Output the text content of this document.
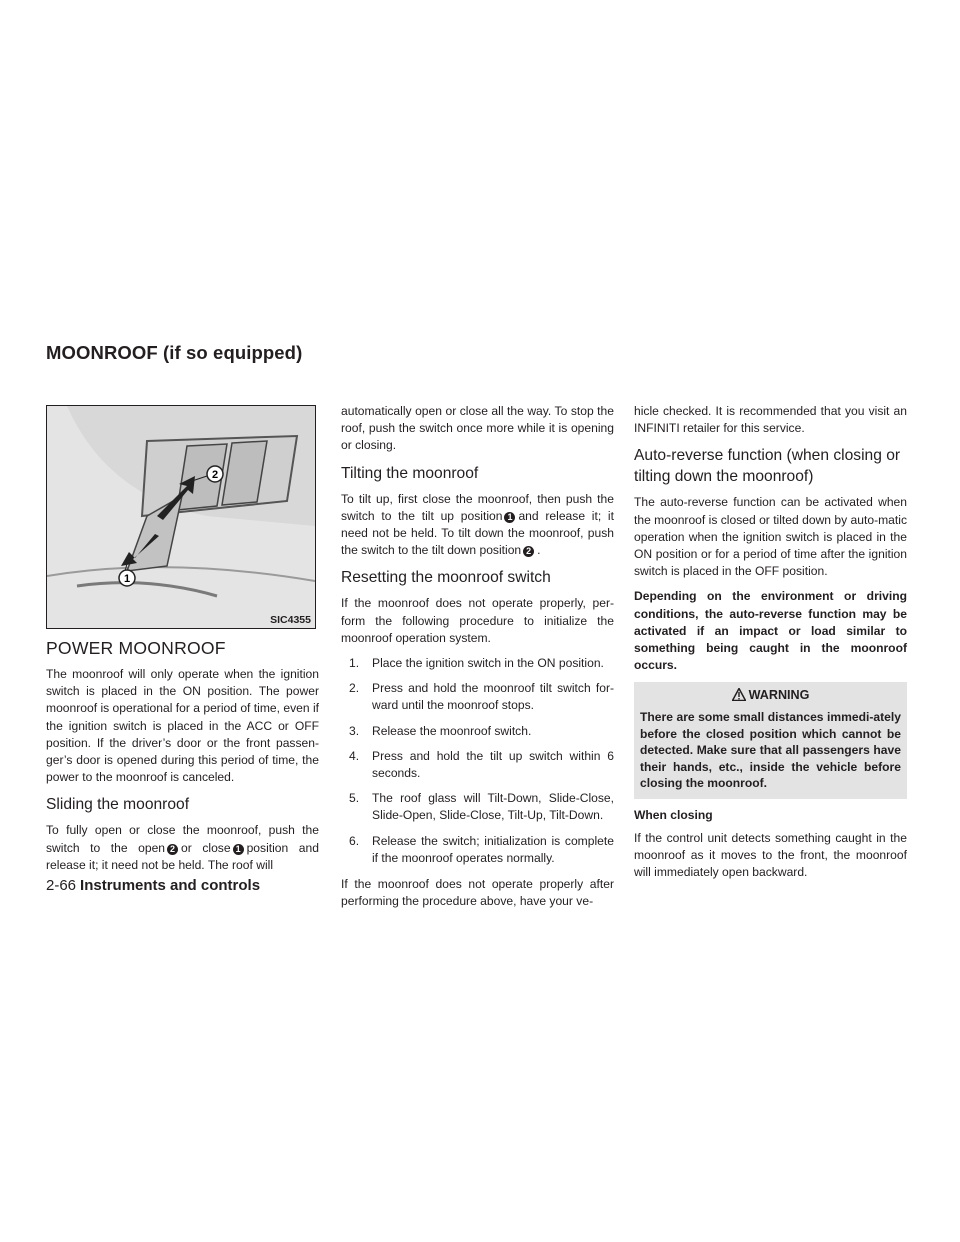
MOONROOF (if so equipped)
2
1
SIC4355
POWER MOONROOF

The moonroof will only operate when the ignition switch is placed in the ON position. The power moonroof is operational for a period of time, even if the ignition switch is placed in the ACC or OFF position. If the driver’s door or the front passen-ger’s door is opened during this period of time, the power to the moonroof is canceled.

Sliding the moonroof

To fully open or close the moonroof, push the switch to the open 2 or close 1 position and release it; it need not be held. The roof will

automatically open or close all the way. To stop the roof, push the switch once more while it is opening or closing.

Tilting the moonroof

To tilt up, first close the moonroof, then push the switch to the tilt up position 1 and release it; it need not be held. To tilt down the moonroof, push the switch to the tilt down position 2 .

Resetting the moonroof switch

If the moonroof does not operate properly, per-form the following procedure to initialize the moonroof operation system.

1. Place the ignition switch in the ON position.
2. Press and hold the moonroof tilt switch for-ward until the moonroof stops.
3. Release the moonroof switch.
4. Press and hold the tilt up switch within 6 seconds.
5. The roof glass will Tilt-Down, Slide-Close, Slide-Open, Slide-Close, Tilt-Up, Tilt-Down.
6. Release the switch; initialization is complete if the moonroof operates normally.

If the moonroof does not operate properly after performing the procedure above, have your ve-

hicle checked. It is recommended that you visit an INFINITI retailer for this service.

Auto-reverse function (when closing or tilting down the moonroof)

The auto-reverse function can be activated when the moonroof is closed or tilted down by auto-matic operation when the ignition switch is placed in the ON position or for a period of time after the ignition switch is placed in the OFF position.

Depending on the environment or driving conditions, the auto-reverse function may be activated if an impact or load similar to something being caught in the moonroof occurs.

WARNING
There are some small distances immedi-ately before the closed position which cannot be detected. Make sure that all passengers have their hands, etc., inside the vehicle before closing the moonroof.

When closing

If the control unit detects something caught in the moonroof as it moves to the front, the moonroof will immediately open backward.

2-66 Instruments and controls
